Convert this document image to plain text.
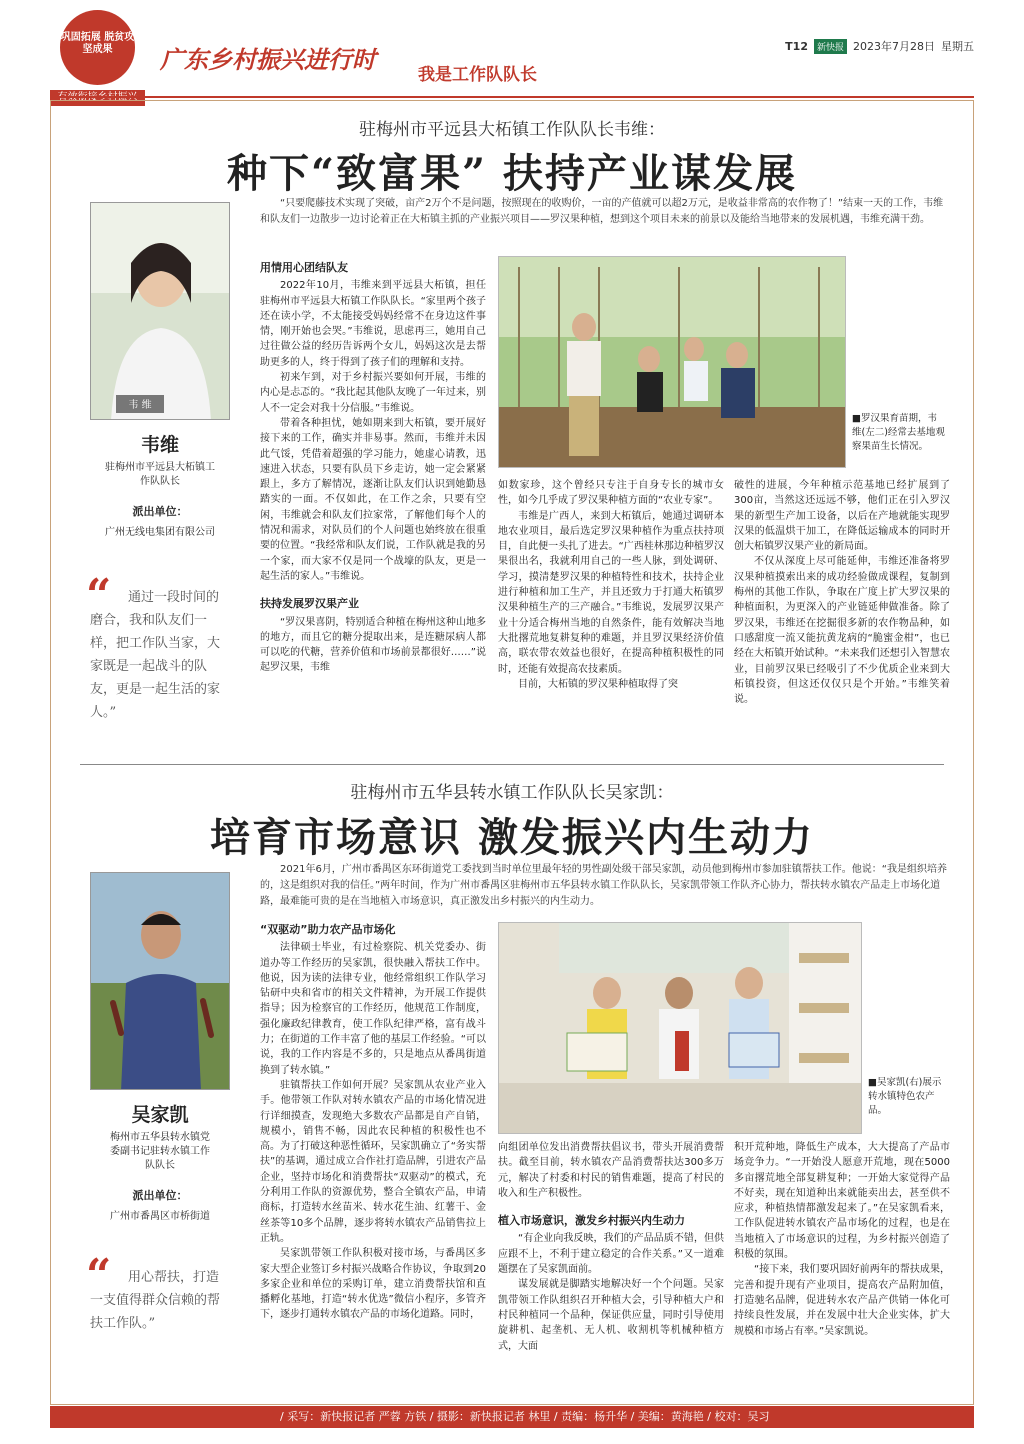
巩固拓展 脱贫攻坚成果	广东乡村振兴进行时
我是工作队队长
T12	新快报 2023年7月28日 星期五
驻梅州市平远县大柘镇工作队队长韦维：
种下“致富果” 扶持产业谋发展
“只要爬藤技术实现了突破，亩产2万个不是问题，按照现在的收购价，一亩的产值就可以超2万元，是收益非常高的农作物了！”结束一天的工作，韦维和队友们一边散步一边讨论着正在大柘镇主抓的产业振兴项目——罗汉果种植，想到这个项目未来的前景以及能给当地带来的发展机遇，韦维充满干劲。
韦 维
韦维
驻梅州市平远县大柘镇工作队队长
派出单位：
广州无线电集团有限公司
“	通过一段时间的磨合，我和队友们一样，把工作队当家，大家既是一起战斗的队友，更是一起生活的家人。”
用情用心团结队友

2022年10月，韦维来到平远县大柘镇，担任驻梅州市平远县大柘镇工作队队长。“家里两个孩子还在读小学，不太能接受妈妈经常不在身边这件事情，刚开始也会哭。”韦维说，思虑再三，她用自己过往做公益的经历告诉两个女儿，妈妈这次是去帮助更多的人，终于得到了孩子们的理解和支持。

初来乍到，对于乡村振兴要如何开展，韦维的内心是忐忑的。“我比起其他队友晚了一年过来，别人不一定会对我十分信服。”韦维说。

带着各种担忧，她如期来到大柘镇，要开展好接下来的工作，确实并非易事。然而，韦维并未因此气馁，凭借着超强的学习能力，她虚心请教，迅速进入状态，只要有队员下乡走访，她一定会紧紧跟上，多方了解情况，逐渐让队友们认识到她勤恳踏实的一面。不仅如此，在工作之余，只要有空闲，韦维就会和队友们拉家常，了解他们每个人的情况和需求，对队员们的个人问题也始终放在很重要的位置。“我经常和队友们说，工作队就是我的另一个家，而大家不仅是同一个战壕的队友，更是一起生活的家人。”韦维说。

扶持发展罗汉果产业

“罗汉果喜阴，特别适合种植在梅州这种山地多的地方，而且它的糖分提取出来，是连糖尿病人都可以吃的代糖，营养价值和市场前景都很好……”说起罗汉果，韦维

■罗汉果育苗期，韦维(左二)经常去基地观察果苗生长情况。

如数家珍，这个曾经只专注于自身专长的城市女性，如今几乎成了罗汉果种植方面的“农业专家”。

韦维是广西人，来到大柘镇后，她通过调研本地农业项目，最后选定罗汉果种植作为重点扶持项目，自此便一头扎了进去。“广西桂林那边种植罗汉果很出名，我就利用自己的一些人脉，到处调研、学习，摸清楚罗汉果的种植特性和技术，扶持企业进行种植和加工生产，并且还致力于打通大柘镇罗汉果种植生产的三产融合。”韦维说，发展罗汉果产业十分适合梅州当地的自然条件，能有效解决当地大批撂荒地复耕复种的难题，并且罗汉果经济价值高，联农带农效益也很好，在提高种植积极性的同时，还能有效提高农技素质。

目前，大柘镇的罗汉果种植取得了突

破性的进展，今年种植示范基地已经扩展到了300亩，当然这还远远不够，他们正在引入罗汉果的新型生产加工设备，以后在产地就能实现罗汉果的低温烘干加工，在降低运输成本的同时开创大柘镇罗汉果产业的新局面。

不仅从深度上尽可能延伸，韦维还准备将罗汉果种植摸索出来的成功经验做成课程，复制到梅州的其他工作队，争取在广度上扩大罗汉果的种植面积，为更深入的产业链延伸做准备。除了罗汉果，韦维还在挖掘很多新的农作物品种，如口感甜度一流又能抗黄龙病的“脆蜜金柑”，也已经在大柘镇开始试种。“未来我们还想引入智慧农业，目前罗汉果已经吸引了不少优质企业来到大柘镇投资，但这还仅仅只是个开始。”韦维笑着说。

驻梅州市五华县转水镇工作队队长吴家凯：
培育市场意识 激发振兴内生动力
2021年6月，广州市番禺区东环街道党工委找到当时单位里最年轻的男性副处级干部吴家凯，动员他到梅州市参加驻镇帮扶工作。他说：“我是组织培养的，这是组织对我的信任。”两年时间，作为广州市番禺区驻梅州市五华县转水镇工作队队长，吴家凯带领工作队齐心协力，帮扶转水镇农产品走上市场化道路，最难能可贵的是在当地植入市场意识，真正激发出乡村振兴的内生动力。
吴家凯
梅州市五华县转水镇党委副书记驻转水镇工作队队长
派出单位：
广州市番禺区市桥街道
“	用心帮扶，打造一支值得群众信赖的帮扶工作队。”
“双驱动”助力农产品市场化

法律硕士毕业，有过检察院、机关党委办、街道办等工作经历的吴家凯，很快融入帮扶工作中。他说，因为读的法律专业，他经常组织工作队学习钻研中央和省市的相关文件精神，为开展工作提供指导；因为检察官的工作经历，他规范工作制度，强化廉政纪律教育，使工作队纪律严格，富有战斗力；在街道的工作丰富了他的基层工作经验。“可以说，我的工作内容是不多的，只是地点从番禺街道换到了转水镇。”

驻镇帮扶工作如何开展？吴家凯从农业产业入手。他带领工作队对转水镇农产品的市场化情况进行详细摸查，发现绝大多数农产品都是自产自销，规模小，销售不畅，因此农民种植的积极性也不高。为了打破这种恶性循环，吴家凯确立了“务实帮扶”的基调，通过成立合作社打造品牌，引进农产品企业，坚持市场化和消费帮扶“双驱动”的模式，充分利用工作队的资源优势，整合全镇农产品，申请商标，打造转水丝苗米、转水花生油、红薯干、金丝茶等10多个品牌，逐步将转水镇农产品销售拉上正轨。

吴家凯带领工作队积极对接市场，与番禺区多家大型企业签订乡村振兴战略合作协议，争取到20多家企业和单位的采购订单，建立消费帮扶馆和直播孵化基地，打造“转水优选”微信小程序，多管齐下，逐步打通转水镇农产品的市场化道路。同时，

■吴家凯(右)展示转水镇特色农产品。

向组团单位发出消费帮扶倡议书，带头开展消费帮扶。截至目前，转水镇农产品消费帮扶达300多万元，解决了村委和村民的销售难题，提高了村民的收入和生产积极性。

植入市场意识，激发乡村振兴内生动力

“有企业向我反映，我们的产品品质不错，但供应跟不上，不利于建立稳定的合作关系。”又一道难题摆在了吴家凯面前。

谋发展就是脚踏实地解决好一个个问题。吴家凯带领工作队组织召开种植大会，引导种植大户和村民种植同一个品种，保证供应量，同时引导使用旋耕机、起垄机、无人机、收割机等机械种植方式，大面

积开荒种地，降低生产成本，大大提高了产品市场竞争力。“一开始没人愿意开荒地，现在5000多亩撂荒地全部复耕复种；一开始大家觉得产品不好卖，现在知道种出来就能卖出去，甚至供不应求，种植热情都激发起来了。”在吴家凯看来，工作队促进转水镇农产品市场化的过程，也是在当地植入了市场意识的过程，为乡村振兴创造了积极的氛围。

“接下来，我们要巩固好前两年的帮扶成果，完善和提升现有产业项目，提高农产品附加值，打造驰名品牌，促进转水农产品产供销一体化可持续良性发展，并在发展中壮大企业实体，扩大规模和市场占有率。”吴家凯说。

/ 采写：新快报记者 严蓉 方铁 / 摄影：新快报记者 林里 / 责编：杨升华 / 美编：黄海艳 / 校对：吴习
